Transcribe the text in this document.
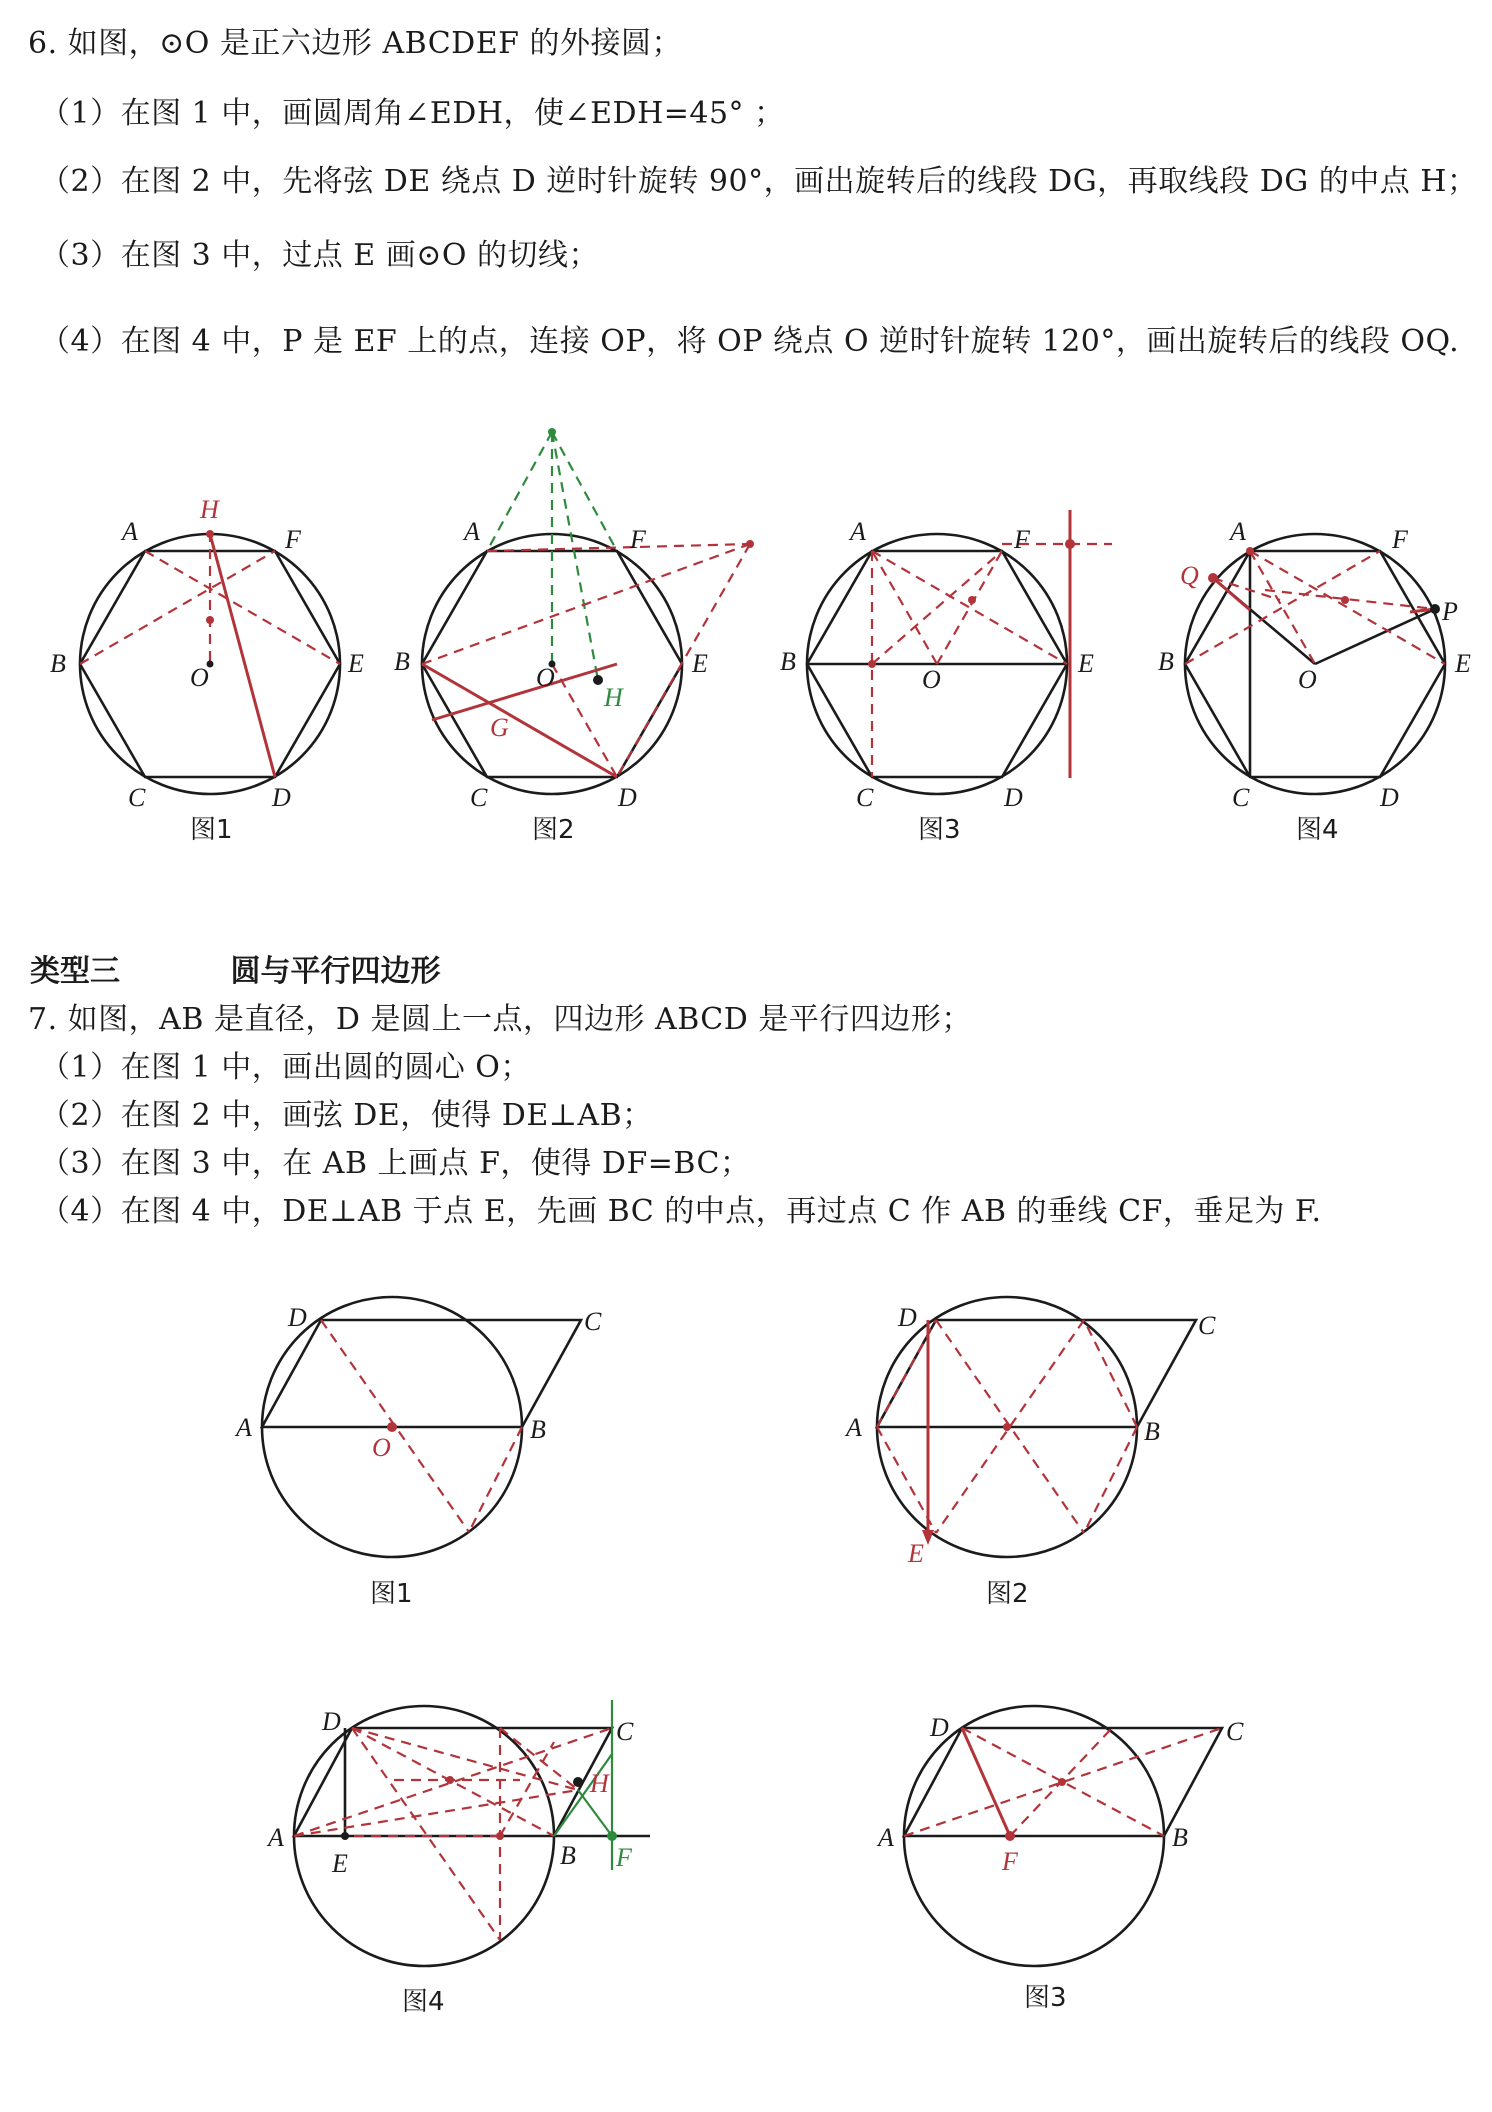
6. 如图，⊙O 是正六边形 ABCDEF 的外接圆；
（1）在图 1 中，画圆周角∠EDH，使∠EDH=45° ；
（2）在图 2 中，先将弦 DE 绕点 D 逆时针旋转 90°，画出旋转后的线段 DG，再取线段 DG 的中点 H；
（3）在图 3 中，过点 E 画⊙O 的切线；
（4）在图 4 中，P 是 EF 上的点，连接 OP，将 OP 绕点 O 逆时针旋转 120°，画出旋转后的线段 OQ.
类型三	圆与平行四边形
7. 如图，AB 是直径，D 是圆上一点，四边形 ABCD 是平行四边形；
（1）在图 1 中，画出圆的圆心 O；
（2）在图 2 中，画弦 DE，使得 DE⊥AB；
（3）在图 3 中，在 AB 上画点 F，使得 DF=BC；
（4）在图 4 中，DE⊥AB 于点 E，先画 BC 的中点，再过点 C 作 AB 的垂线 CF，垂足为 F.
A	F
B	E
C	D
O
H
图1
A	F
B	E
C	D
O
G
H
图2
A	F
B	E
C	D
O
图3
A	F
B	E
C	D
O
P
Q
图4
D	C
A	B
O
图1
D	C
A	B
E
图2
D	C
A
E	B F
H
图4
D	C
A	B
F
图3
